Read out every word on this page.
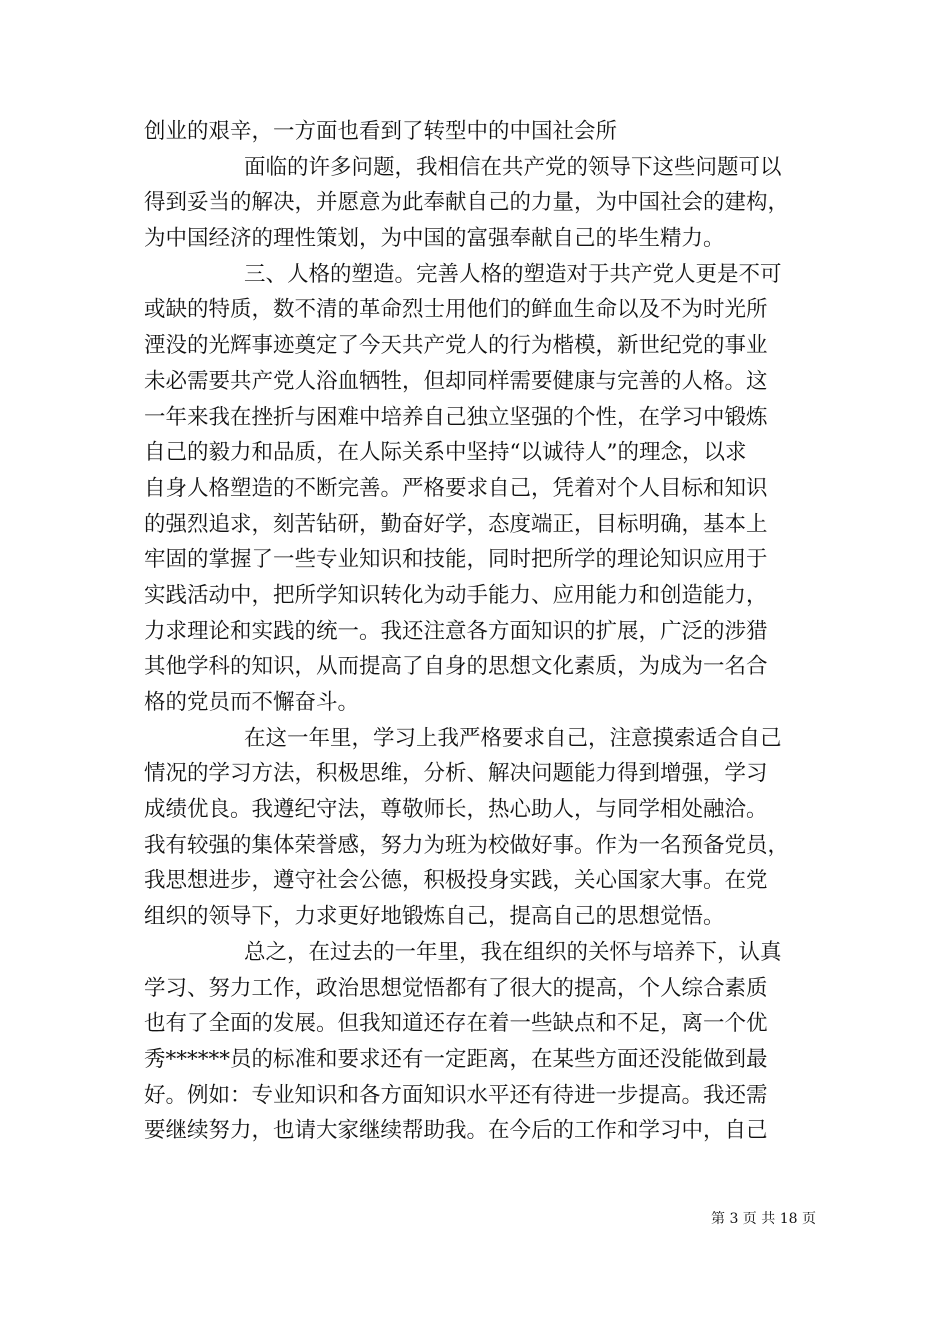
创业的艰辛，一方面也看到了转型中的中国社会所
面临的许多问题，我相信在共产党的领导下这些问题可以
得到妥当的解决，并愿意为此奉献自己的力量，为中国社会的建构，
为中国经济的理性策划，为中国的富强奉献自己的毕生精力。
三、人格的塑造。完善人格的塑造对于共产党人更是不可
或缺的特质，数不清的革命烈士用他们的鲜血生命以及不为时光所
湮没的光辉事迹奠定了今天共产党人的行为楷模，新世纪党的事业
未必需要共产党人浴血牺牲，但却同样需要健康与完善的人格。这
一年来我在挫折与困难中培养自己独立坚强的个性，在学习中锻炼
自己的毅力和品质，在人际关系中坚持“以诚待人”的理念，以求
自身人格塑造的不断完善。严格要求自己，凭着对个人目标和知识
的强烈追求，刻苦钻研，勤奋好学，态度端正，目标明确，基本上
牢固的掌握了一些专业知识和技能，同时把所学的理论知识应用于
实践活动中，把所学知识转化为动手能力、应用能力和创造能力，
力求理论和实践的统一。我还注意各方面知识的扩展，广泛的涉猎
其他学科的知识，从而提高了自身的思想文化素质，为成为一名合
格的党员而不懈奋斗。
在这一年里，学习上我严格要求自己，注意摸索适合自己
情况的学习方法，积极思维，分析、解决问题能力得到增强，学习
成绩优良。我遵纪守法，尊敬师长，热心助人，与同学相处融洽。
我有较强的集体荣誉感，努力为班为校做好事。作为一名预备党员，
我思想进步，遵守社会公德，积极投身实践，关心国家大事。在党
组织的领导下，力求更好地锻炼自己，提高自己的思想觉悟。
总之，在过去的一年里，我在组织的关怀与培养下，认真
学习、努力工作，政治思想觉悟都有了很大的提高，个人综合素质
也有了全面的发展。但我知道还存在着一些缺点和不足，离一个优
秀******员的标准和要求还有一定距离，在某些方面还没能做到最
好。例如：专业知识和各方面知识水平还有待进一步提高。我还需
要继续努力，也请大家继续帮助我。在今后的工作和学习中，自己
第 3 页 共 18 页
